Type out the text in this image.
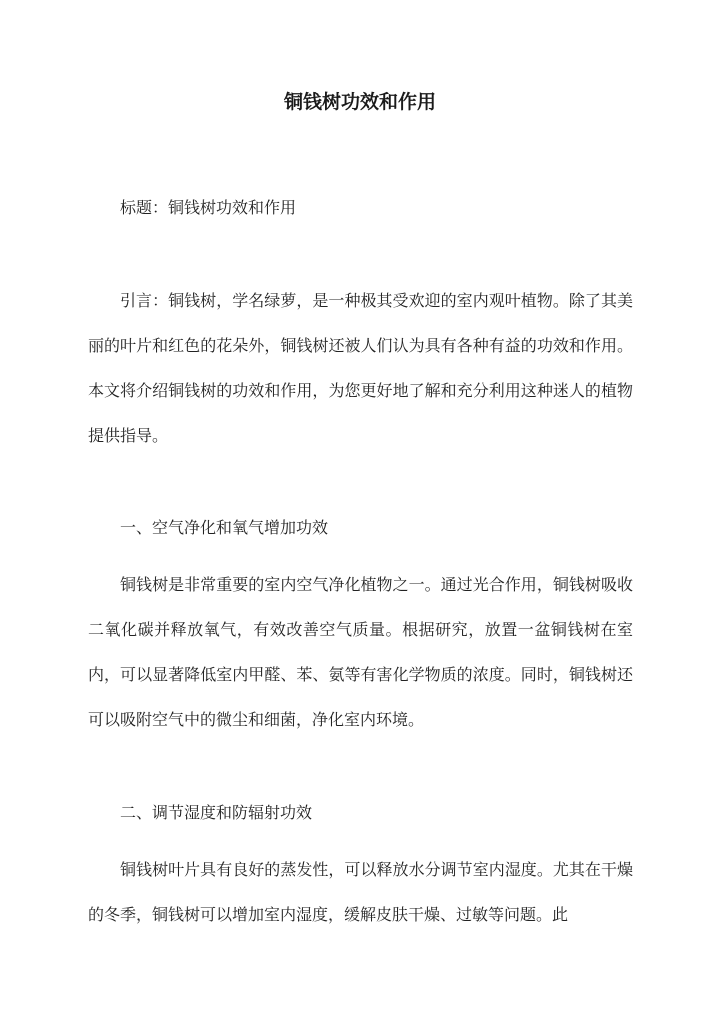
铜钱树功效和作用
标题：铜钱树功效和作用
引言：铜钱树，学名绿萝，是一种极其受欢迎的室内观叶植物。除了其美丽的叶片和红色的花朵外，铜钱树还被人们认为具有各种有益的功效和作用。本文将介绍铜钱树的功效和作用，为您更好地了解和充分利用这种迷人的植物提供指导。
一、空气净化和氧气增加功效
铜钱树是非常重要的室内空气净化植物之一。通过光合作用，铜钱树吸收二氧化碳并释放氧气，有效改善空气质量。根据研究，放置一盆铜钱树在室内，可以显著降低室内甲醛、苯、氨等有害化学物质的浓度。同时，铜钱树还可以吸附空气中的微尘和细菌，净化室内环境。
二、调节湿度和防辐射功效
铜钱树叶片具有良好的蒸发性，可以释放水分调节室内湿度。尤其在干燥的冬季，铜钱树可以增加室内湿度，缓解皮肤干燥、过敏等问题。此
